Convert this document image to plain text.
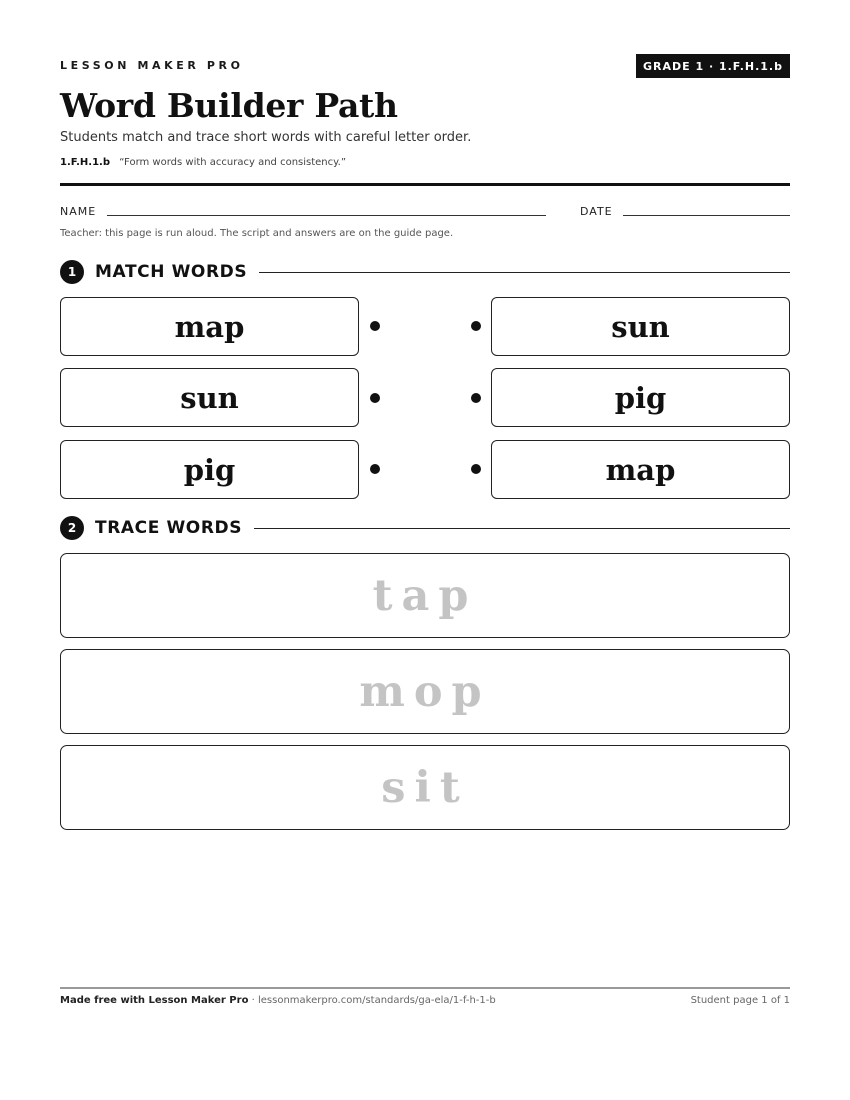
LESSON MAKER PRO	GRADE 1 · 1.F.H.1.b
Word Builder Path
Students match and trace short words with careful letter order.
1.F.H.1.b “Form words with accuracy and consistency.”
NAME	DATE
Teacher: this page is run aloud. The script and answers are on the guide page.
1	MATCH WORDS
map	sun
sun	pig
pig	map
2	TRACE WORDS
tap
mop
sit
Made free with Lesson Maker Pro · lessonmakerpro.com/standards/ga-ela/1-f-h-1-b	Student page 1 of 1
